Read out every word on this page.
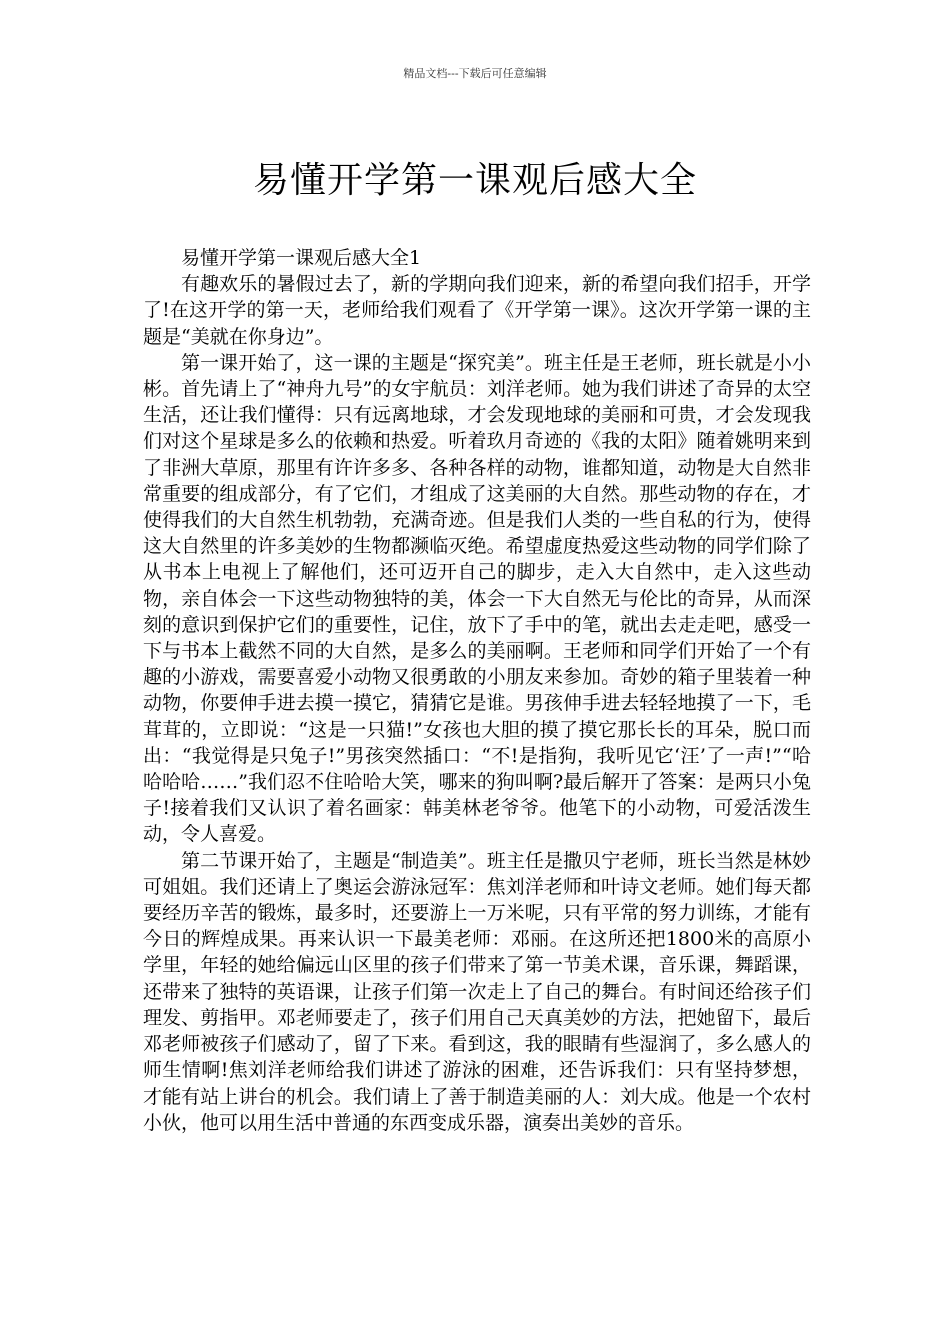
精品文档---下载后可任意编辑
易懂开学第一课观后感大全

易懂开学第一课观后感大全1

有趣欢乐的暑假过去了，新的学期向我们迎来，新的希望向我们招手，开学了!在这开学的第一天，老师给我们观看了《开学第一课》。这次开学第一课的主题是“美就在你身边”。

第一课开始了，这一课的主题是“探究美”。班主任是王老师，班长就是小小彬。首先请上了“神舟九号”的女宇航员：刘洋老师。她为我们讲述了奇异的太空生活，还让我们懂得：只有远离地球，才会发现地球的美丽和可贵，才会发现我们对这个星球是多么的依赖和热爱。听着玖月奇迹的《我的太阳》随着姚明来到了非洲大草原，那里有许许多多、各种各样的动物，谁都知道，动物是大自然非常重要的组成部分，有了它们，才组成了这美丽的大自然。那些动物的存在，才使得我们的大自然生机勃勃，充满奇迹。但是我们人类的一些自私的行为，使得这大自然里的许多美妙的生物都濒临灭绝。希望虚度热爱这些动物的同学们除了从书本上电视上了解他们，还可迈开自己的脚步，走入大自然中，走入这些动物，亲自体会一下这些动物独特的美，体会一下大自然无与伦比的奇异，从而深刻的意识到保护它们的重要性，记住，放下了手中的笔，就出去走走吧，感受一下与书本上截然不同的大自然，是多么的美丽啊。王老师和同学们开始了一个有趣的小游戏，需要喜爱小动物又很勇敢的小朋友来参加。奇妙的箱子里装着一种动物，你要伸手进去摸一摸它，猜猜它是谁。男孩伸手进去轻轻地摸了一下，毛茸茸的，立即说：“这是一只猫!”女孩也大胆的摸了摸它那长长的耳朵，脱口而出：“我觉得是只兔子!”男孩突然插口：“不!是指狗，我听见它‘汪’了一声!”“哈哈哈哈……”我们忍不住哈哈大笑，哪来的狗叫啊?最后解开了答案：是两只小兔子!接着我们又认识了着名画家：韩美林老爷爷。他笔下的小动物，可爱活泼生动，令人喜爱。

第二节课开始了，主题是“制造美”。班主任是撒贝宁老师，班长当然是林妙可姐姐。我们还请上了奥运会游泳冠军：焦刘洋老师和叶诗文老师。她们每天都要经历辛苦的锻炼，最多时，还要游上一万米呢，只有平常的努力训练，才能有今日的辉煌成果。再来认识一下最美老师：邓丽。在这所还把1800米的高原小学里，年轻的她给偏远山区里的孩子们带来了第一节美术课，音乐课，舞蹈课，还带来了独特的英语课，让孩子们第一次走上了自己的舞台。有时间还给孩子们理发、剪指甲。邓老师要走了，孩子们用自己天真美妙的方法，把她留下，最后邓老师被孩子们感动了，留了下来。看到这，我的眼睛有些湿润了，多么感人的师生情啊!焦刘洋老师给我们讲述了游泳的困难，还告诉我们：只有坚持梦想，才能有站上讲台的机会。我们请上了善于制造美丽的人：刘大成。他是一个农村小伙，他可以用生活中普通的东西变成乐器，演奏出美妙的音乐。
